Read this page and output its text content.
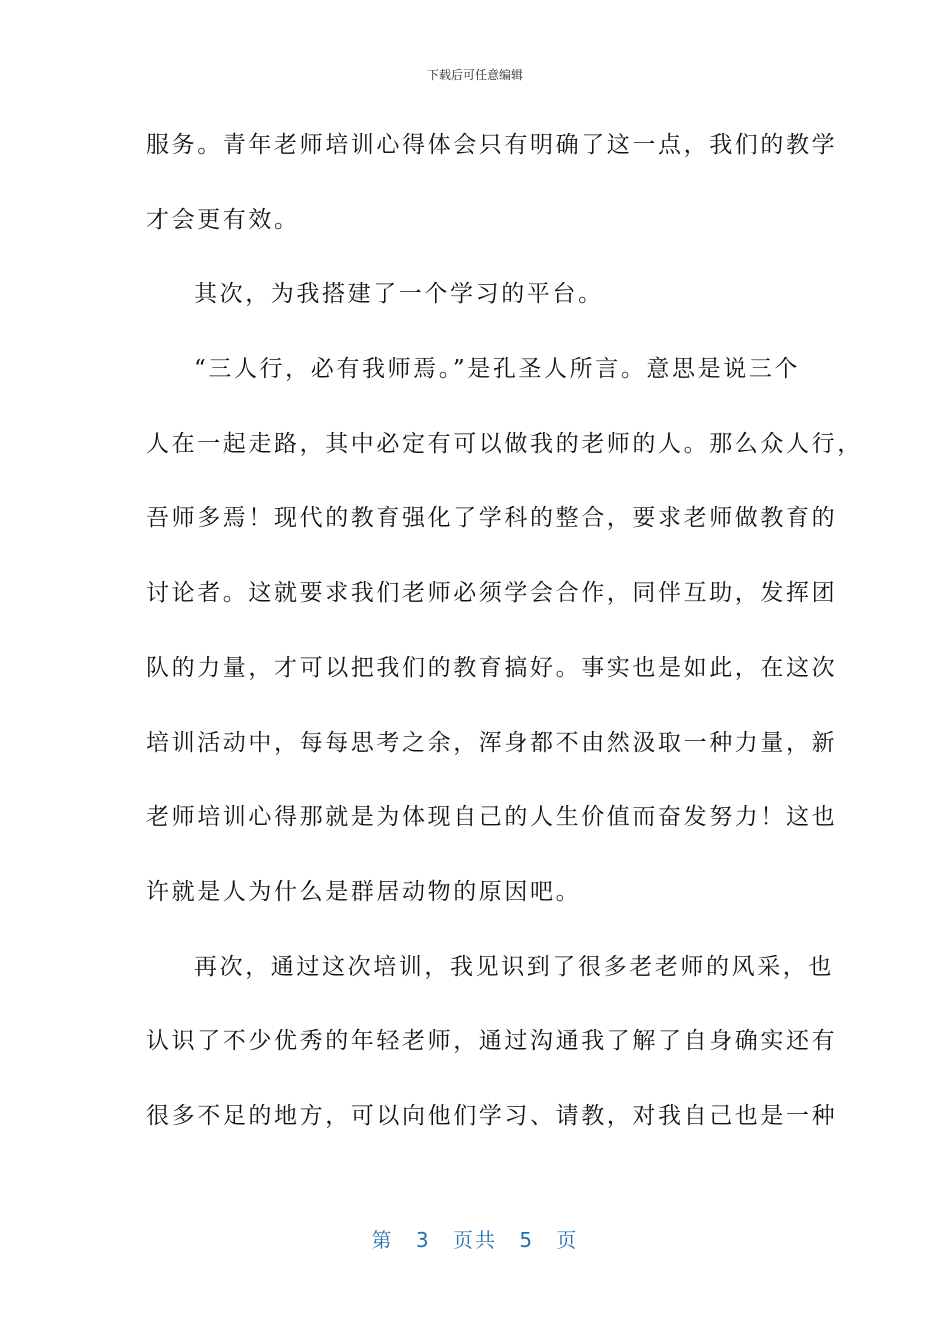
下载后可任意编辑
服务。青年老师培训心得体会只有明确了这一点，我们的教学
才会更有效。
其次，为我搭建了一个学习的平台。
“三人行，必有我师焉。”是孔圣人所言。意思是说三个
人在一起走路，其中必定有可以做我的老师的人。那么众人行，
吾师多焉！现代的教育强化了学科的整合，要求老师做教育的
讨论者。这就要求我们老师必须学会合作，同伴互助，发挥团
队的力量，才可以把我们的教育搞好。事实也是如此，在这次
培训活动中，每每思考之余，浑身都不由然汲取一种力量，新
老师培训心得那就是为体现自己的人生价值而奋发努力！这也
许就是人为什么是群居动物的原因吧。
再次，通过这次培训，我见识到了很多老老师的风采，也
认识了不少优秀的年轻老师，通过沟通我了解了自身确实还有
很多不足的地方，可以向他们学习、请教，对我自己也是一种
第 3 页共 5 页
